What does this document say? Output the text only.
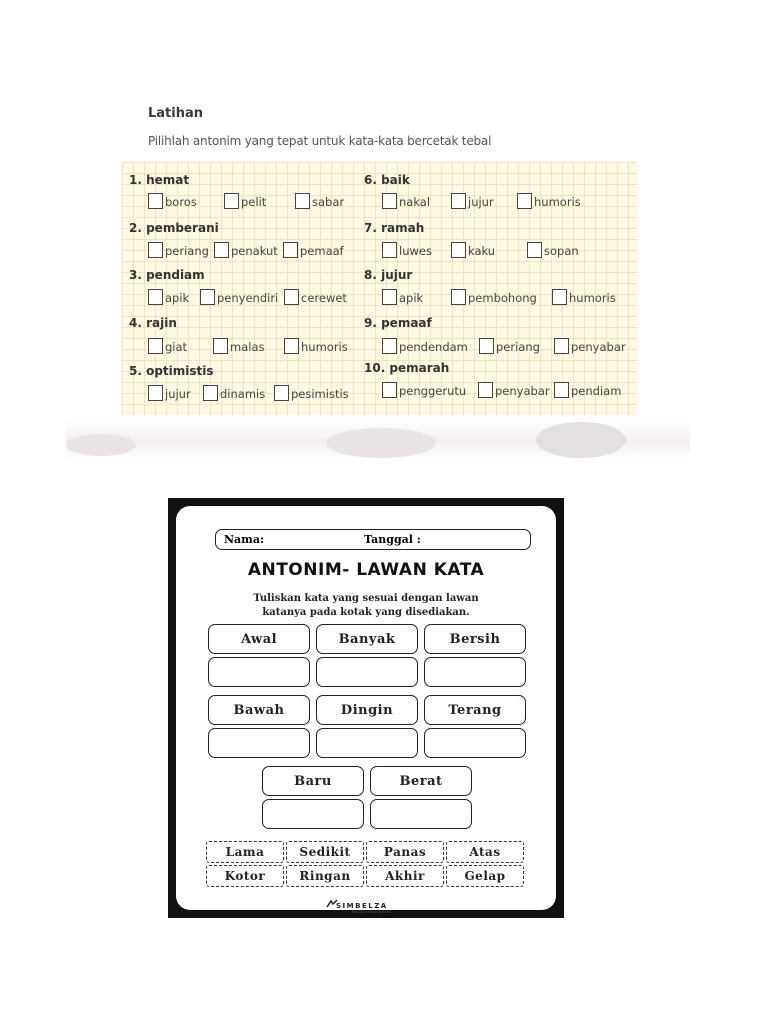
Latihan
Pilihlah antonim yang tepat untuk kata-kata bercetak tebal
1. hemat
boros	pelit	sabar
2. pemberani
periang	penakut	pemaaf
3. pendiam
apik	penyendiri	cerewet
4. rajin
giat	malas	humoris
5. optimistis
jujur	dinamis	pesimistis
6. baik
nakal	jujur	humoris
7. ramah
luwes	kaku	sopan
8. jujur
apik	pembohong	humoris
9. pemaaf
pendendam	periang	penyabar
10. pemarah
penggerutu	penyabar	pendiam
Nama:	Tanggal :
ANTONIM- LAWAN KATA
Tuliskan kata yang sesuai dengan lawan
katanya pada kotak yang disediakan.
Awal	Banyak	Bersih
Bawah	Dingin	Terang
Baru	Berat
Lama	Sedikit	Panas	Atas
Kotor	Ringan	Akhir	Gelap
SIMBELZA
Belajar Bersama Kami
